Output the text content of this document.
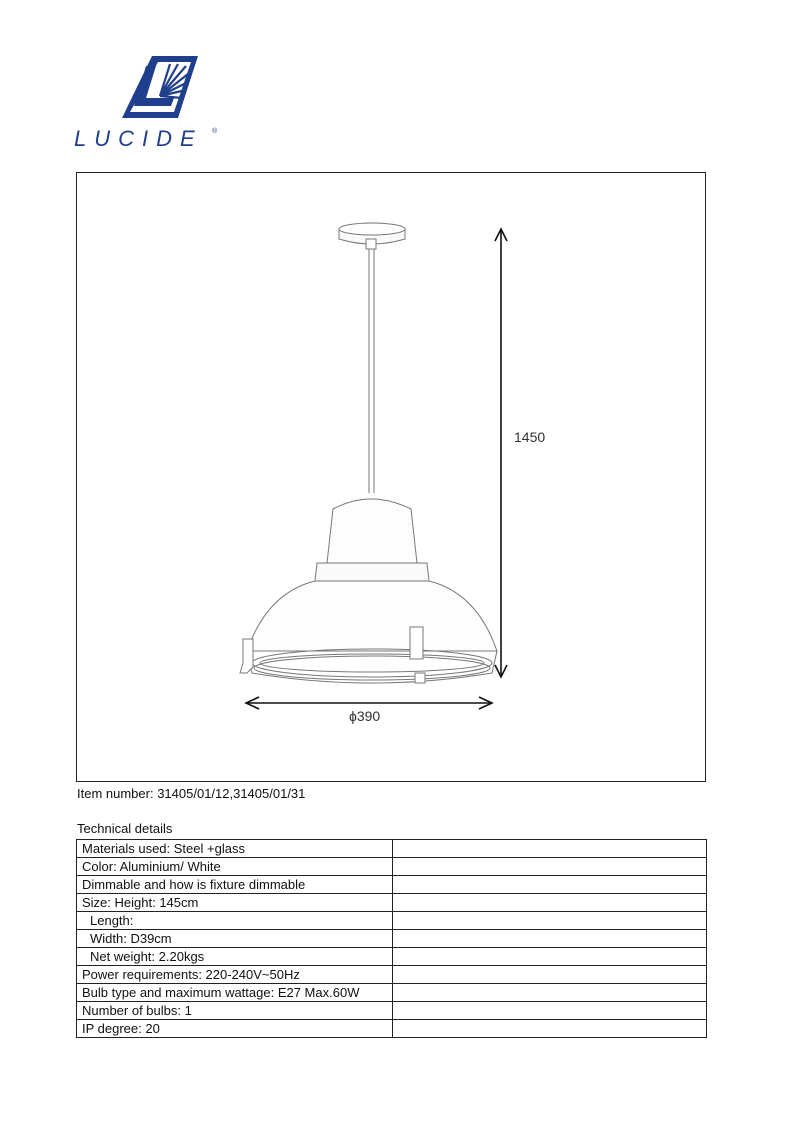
LUCIDE	®
1450
ϕ390
Item number: 31405/01/12,31405/01/31
Technical details
Materials used: Steel +glass	
Color: Aluminium/ White	
Dimmable and how is fixture dimmable	
Size: Height: 145cm	
Length:	
Width: D39cm	
Net weight: 2.20kgs	
Power requirements: 220-240V~50Hz	
Bulb type and maximum wattage: E27 Max.60W	
Number of bulbs: 1	
IP degree: 20	
